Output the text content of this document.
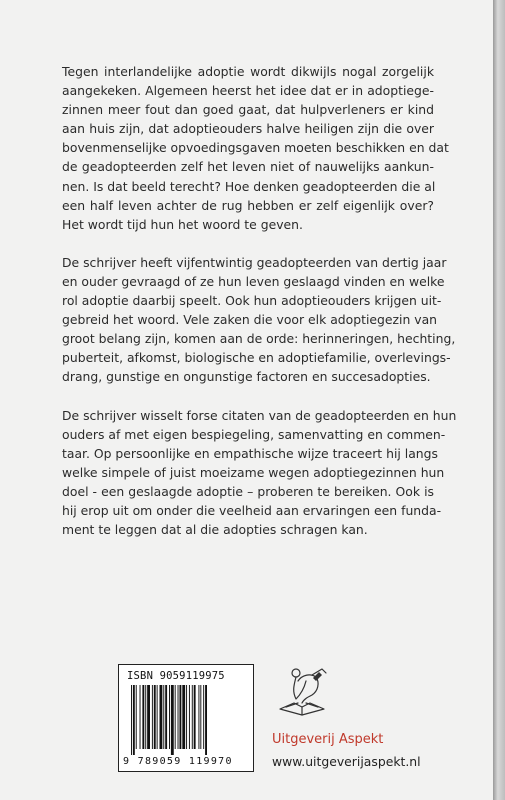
Tegen interlandelijke adoptie wordt dikwijls nogal zorgelijk
aangekeken. Algemeen heerst het idee dat er in adoptiege-
zinnen meer fout dan goed gaat, dat hulpverleners er kind
aan huis zijn, dat adoptieouders halve heiligen zijn die over
bovenmenselijke opvoedingsgaven moeten beschikken en dat
de geadopteerden zelf het leven niet of nauwelijks aankun-
nen. Is dat beeld terecht? Hoe denken geadopteerden die al
een half leven achter de rug hebben er zelf eigenlijk over?
Het wordt tijd hun het woord te geven.
De schrijver heeft vijfentwintig geadopteerden van dertig jaar
en ouder gevraagd of ze hun leven geslaagd vinden en welke
rol adoptie daarbij speelt. Ook hun adoptieouders krijgen uit-
gebreid het woord. Vele zaken die voor elk adoptiegezin van
groot belang zijn, komen aan de orde: herinneringen, hechting,
puberteit, afkomst, biologische en adoptiefamilie, overlevings-
drang, gunstige en ongunstige factoren en succesadopties.
De schrijver wisselt forse citaten van de geadopteerden en hun
ouders af met eigen bespiegeling, samenvatting en commen-
taar. Op persoonlijke en empathische wijze traceert hij langs
welke simpele of juist moeizame wegen adoptiegezinnen hun
doel - een geslaagde adoptie – proberen te bereiken. Ook is
hij erop uit om onder die veelheid aan ervaringen een funda-
ment te leggen dat al die adopties schragen kan.
ISBN 9059119975
9 789059 119970
Uitgeverij Aspekt
www.uitgeverijaspekt.nl
